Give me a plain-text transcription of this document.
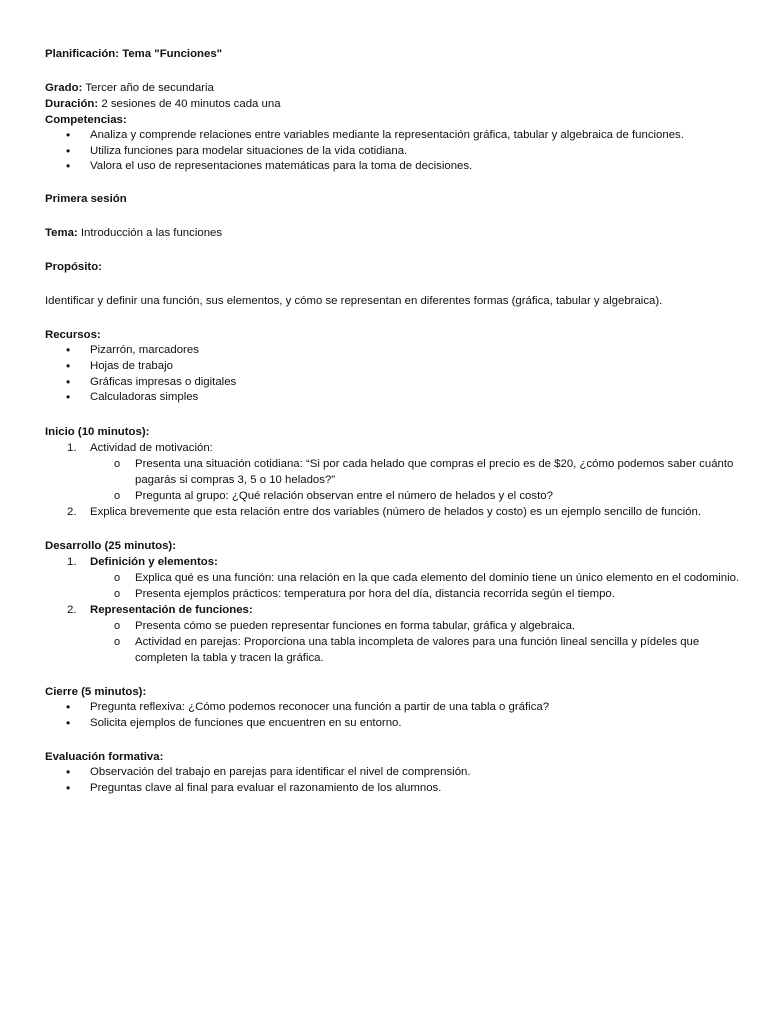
Planificación: Tema "Funciones"

Grado: Tercer año de secundaria

Duración: 2 sesiones de 40 minutos cada una

Competencias:

• Analiza y comprende relaciones entre variables mediante la representación gráfica, tabular y algebraica de funciones.
• Utiliza funciones para modelar situaciones de la vida cotidiana.
• Valora el uso de representaciones matemáticas para la toma de decisiones.

Primera sesión

Tema: Introducción a las funciones

Propósito:

Identificar y definir una función, sus elementos, y cómo se representan en diferentes formas (gráfica, tabular y algebraica).

Recursos:

• Pizarrón, marcadores
• Hojas de trabajo
• Gráficas impresas o digitales
• Calculadoras simples

Inicio (10 minutos):

1. Actividad de motivación:
o Presenta una situación cotidiana: “Si por cada helado que compras el precio es de $20, ¿cómo podemos saber cuánto pagarás si compras 3, 5 o 10 helados?”
o Pregunta al grupo: ¿Qué relación observan entre el número de helados y el costo?
2. Explica brevemente que esta relación entre dos variables (número de helados y costo) es un ejemplo sencillo de función.

Desarrollo (25 minutos):

1. Definición y elementos:
o Explica qué es una función: una relación en la que cada elemento del dominio tiene un único elemento en el codominio.
o Presenta ejemplos prácticos: temperatura por hora del día, distancia recorrida según el tiempo.
2. Representación de funciones:
o Presenta cómo se pueden representar funciones en forma tabular, gráfica y algebraica.
o Actividad en parejas: Proporciona una tabla incompleta de valores para una función lineal sencilla y pídeles que completen la tabla y tracen la gráfica.

Cierre (5 minutos):

• Pregunta reflexiva: ¿Cómo podemos reconocer una función a partir de una tabla o gráfica?
• Solicita ejemplos de funciones que encuentren en su entorno.

Evaluación formativa:

• Observación del trabajo en parejas para identificar el nivel de comprensión.
• Preguntas clave al final para evaluar el razonamiento de los alumnos.
